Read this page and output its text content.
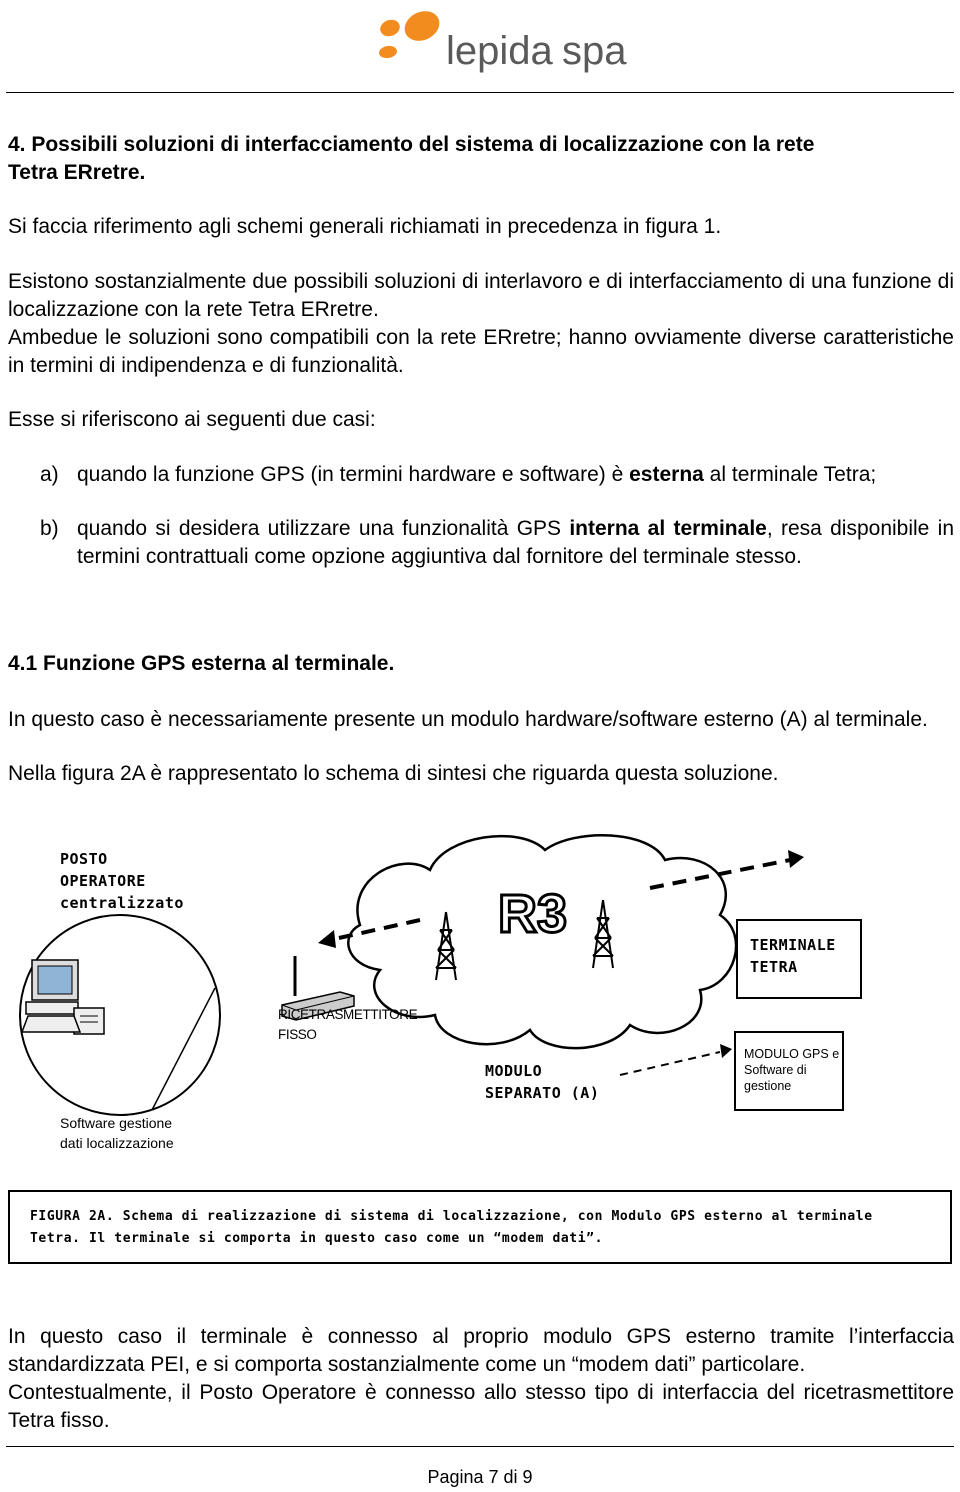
lepida spa
4. Possibili soluzioni di interfacciamento del sistema di localizzazione con la rete
Tetra ERretre.

Si faccia riferimento agli schemi generali richiamati in precedenza in figura 1.

Esistono sostanzialmente due possibili soluzioni di interlavoro e di interfacciamento di una funzione di localizzazione con la rete Tetra ERretre.

Ambedue le soluzioni sono compatibili con la rete ERretre; hanno ovviamente diverse caratteristiche in termini di indipendenza e di funzionalità.

Esse si riferiscono ai seguenti due casi:

a) quando la funzione GPS (in termini hardware e software) è esterna al terminale Tetra;
b) quando si desidera utilizzare una funzionalità GPS interna al terminale, resa disponibile in termini contrattuali come opzione aggiuntiva dal fornitore del terminale stesso.
4.1 Funzione GPS esterna al terminale.

In questo caso è necessariamente presente un modulo hardware/software esterno (A) al terminale.

Nella figura 2A è rappresentato lo schema di sintesi che riguarda questa soluzione.

R3
POSTO
OPERATORE
centralizzato
Software gestione
dati localizzazione
RICETRASMETTITORE
FISSO
TERMINALE
TETRA
MODULO
SEPARATO (A)
MODULO GPS e
Software di
gestione
FIGURA 2A. Schema di realizzazione di sistema di localizzazione, con Modulo GPS esterno al terminale Tetra. Il terminale si comporta in questo caso come un “modem dati”.

In questo caso il terminale è connesso al proprio modulo GPS esterno tramite l’interfaccia standardizzata PEI, e si comporta sostanzialmente come un “modem dati” particolare.

Contestualmente, il Posto Operatore è connesso allo stesso tipo di interfaccia del ricetrasmettitore Tetra fisso.

Pagina 7 di 9
